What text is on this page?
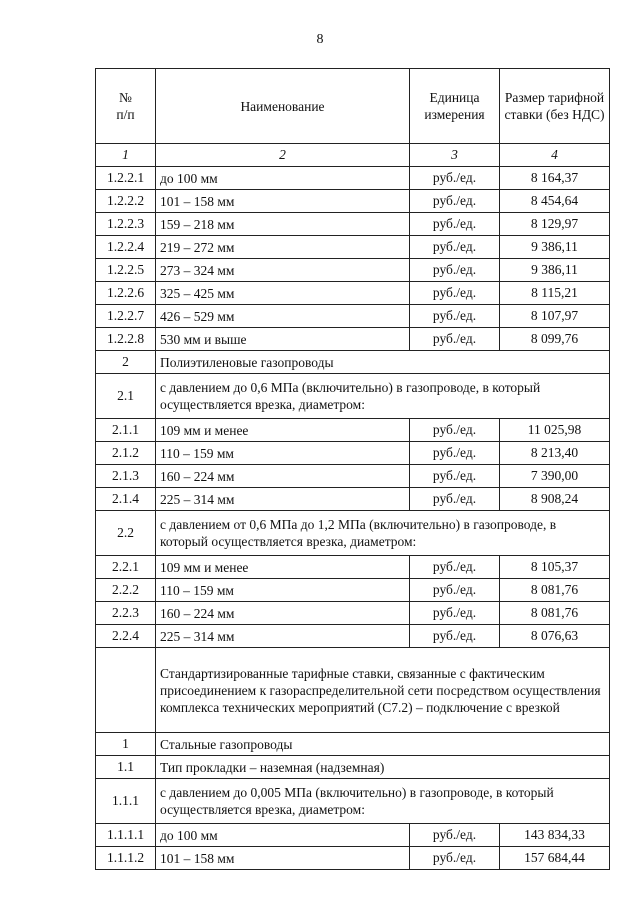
8
№
п/п	Наименование	Единица измерения	Размер тарифной ставки (без НДС)
1	2	3	4
1.2.2.1	до 100 мм	руб./ед.	8 164,37
1.2.2.2	101 – 158 мм	руб./ед.	8 454,64
1.2.2.3	159 – 218 мм	руб./ед.	8 129,97
1.2.2.4	219 – 272 мм	руб./ед.	9 386,11
1.2.2.5	273 – 324 мм	руб./ед.	9 386,11
1.2.2.6	325 – 425 мм	руб./ед.	8 115,21
1.2.2.7	426 – 529 мм	руб./ед.	8 107,97
1.2.2.8	530 мм и выше	руб./ед.	8 099,76
2	Полиэтиленовые газопроводы		
2.1	с давлением до 0,6 МПа (включительно) в газопроводе, в который осуществляется врезка, диаметром:		
2.1.1	109 мм и менее	руб./ед.	11 025,98
2.1.2	110 – 159 мм	руб./ед.	8 213,40
2.1.3	160 – 224 мм	руб./ед.	7 390,00
2.1.4	225 – 314 мм	руб./ед.	8 908,24
2.2	с давлением от 0,6 МПа до 1,2 МПа (включительно) в газопроводе, в который осуществляется врезка, диаметром:		
2.2.1	109 мм и менее	руб./ед.	8 105,37
2.2.2	110 – 159 мм	руб./ед.	8 081,76
2.2.3	160 – 224 мм	руб./ед.	8 081,76
2.2.4	225 – 314 мм	руб./ед.	8 076,63
	Стандартизированные тарифные ставки, связанные с фактическим присоединением к газораспределительной сети посредством осуществления комплекса технических мероприятий (С7.2) – подключение с врезкой		
1	Стальные газопроводы		
1.1	Тип прокладки – наземная (надземная)		
1.1.1	с давлением до 0,005 МПа (включительно) в газопроводе, в который осуществляется врезка, диаметром:		
1.1.1.1	до 100 мм	руб./ед.	143 834,33
1.1.1.2	101 – 158 мм	руб./ед.	157 684,44
